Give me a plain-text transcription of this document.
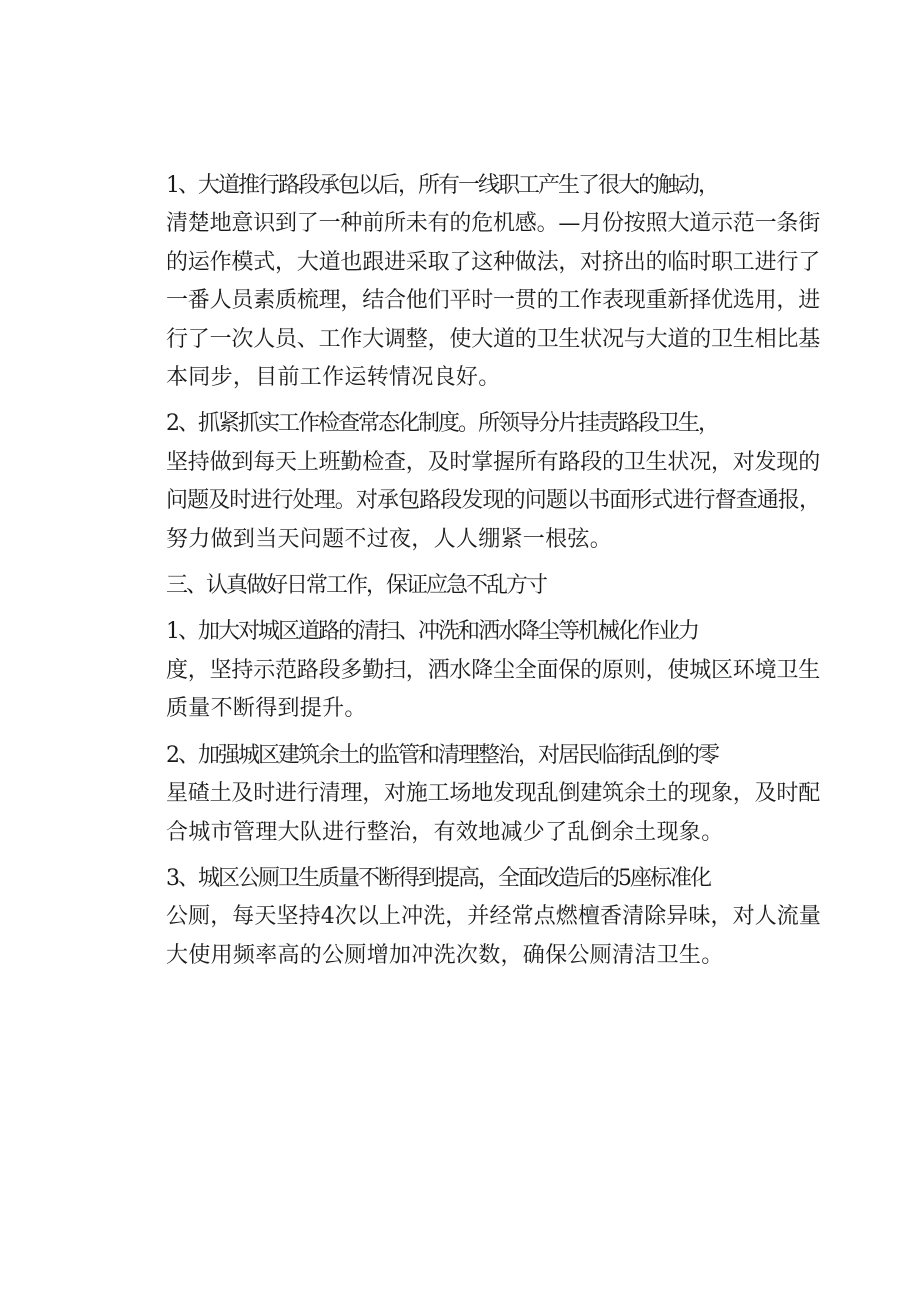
1、大道推行路段承包以后，所有一线职工产生了很大的触动，
清楚地意识到了一种前所未有的危机感。—月份按照大道示范一条街
的运作模式，大道也跟进采取了这种做法，对挤出的临时职工进行了
一番人员素质梳理，结合他们平时一贯的工作表现重新择优选用，进
行了一次人员、工作大调整，使大道的卫生状况与大道的卫生相比基
本同步，目前工作运转情况良好。

2、抓紧抓实工作检查常态化制度。所领导分片挂责路段卫生，
坚持做到每天上班勤检查，及时掌握所有路段的卫生状况，对发现的
问题及时进行处理。对承包路段发现的问题以书面形式进行督查通报，
努力做到当天问题不过夜，人人绷紧一根弦。

三、认真做好日常工作，保证应急不乱方寸

1、加大对城区道路的清扫、冲洗和洒水降尘等机械化作业力
度，坚持示范路段多勤扫，洒水降尘全面保的原则，使城区环境卫生
质量不断得到提升。

2、加强城区建筑余土的监管和清理整治，对居民临街乱倒的零
星碴土及时进行清理，对施工场地发现乱倒建筑余土的现象，及时配
合城市管理大队进行整治，有效地减少了乱倒余土现象。

3、城区公厕卫生质量不断得到提高，全面改造后的5座标准化
公厕，每天坚持4次以上冲洗，并经常点燃檀香清除异味，对人流量
大使用频率高的公厕增加冲洗次数，确保公厕清洁卫生。
